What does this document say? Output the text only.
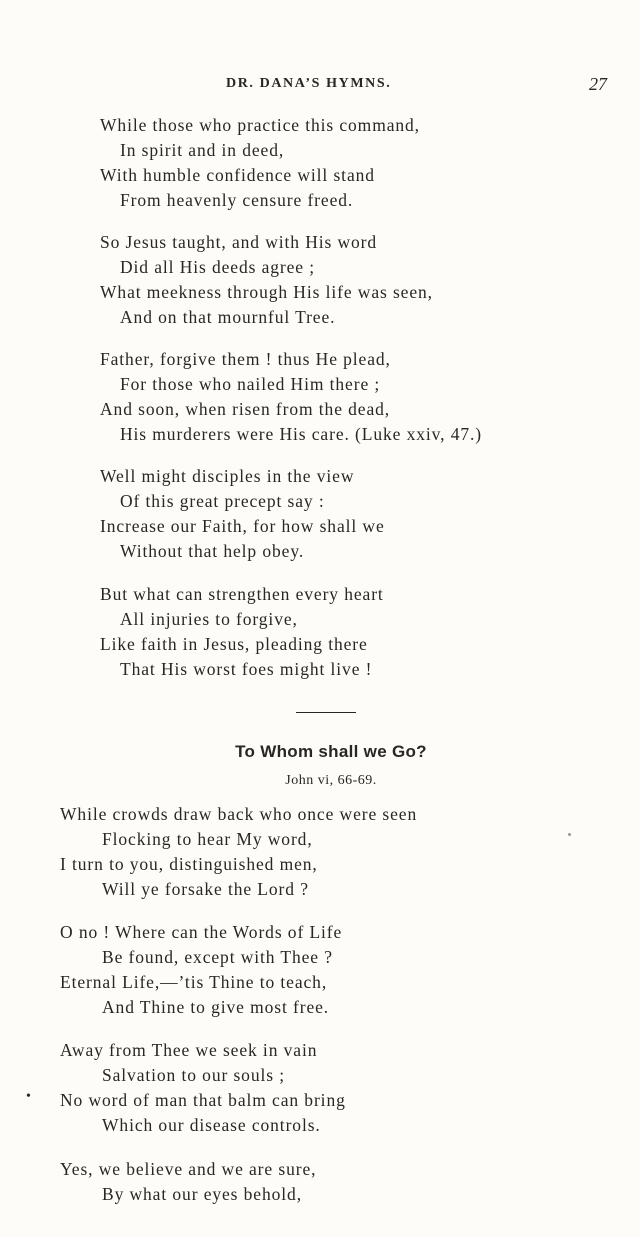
DR. DANA’S HYMNS.	27
While those who practice this command,
In spirit and in deed,
With humble confidence will stand
From heavenly censure freed.
So Jesus taught, and with His word
Did all His deeds agree ;
What meekness through His life was seen,
And on that mournful Tree.
Father, forgive them ! thus He plead,
For those who nailed Him there ;
And soon, when risen from the dead,
His murderers were His care. (Luke xxiv, 47.)
Well might disciples in the view
Of this great precept say :
Increase our Faith, for how shall we
Without that help obey.
But what can strengthen every heart
All injuries to forgive,
Like faith in Jesus, pleading there
That His worst foes might live !
To Whom shall we Go?
John vi, 66-69.
While crowds draw back who once were seen
Flocking to hear My word,
I turn to you, distinguished men,
Will ye forsake the Lord ?
O no ! Where can the Words of Life
Be found, except with Thee ?
Eternal Life,—’tis Thine to teach,
And Thine to give most free.
•
Away from Thee we seek in vain
Salvation to our souls ;
No word of man that balm can bring
Which our disease controls.
Yes, we believe and we are sure,
By what our eyes behold,
